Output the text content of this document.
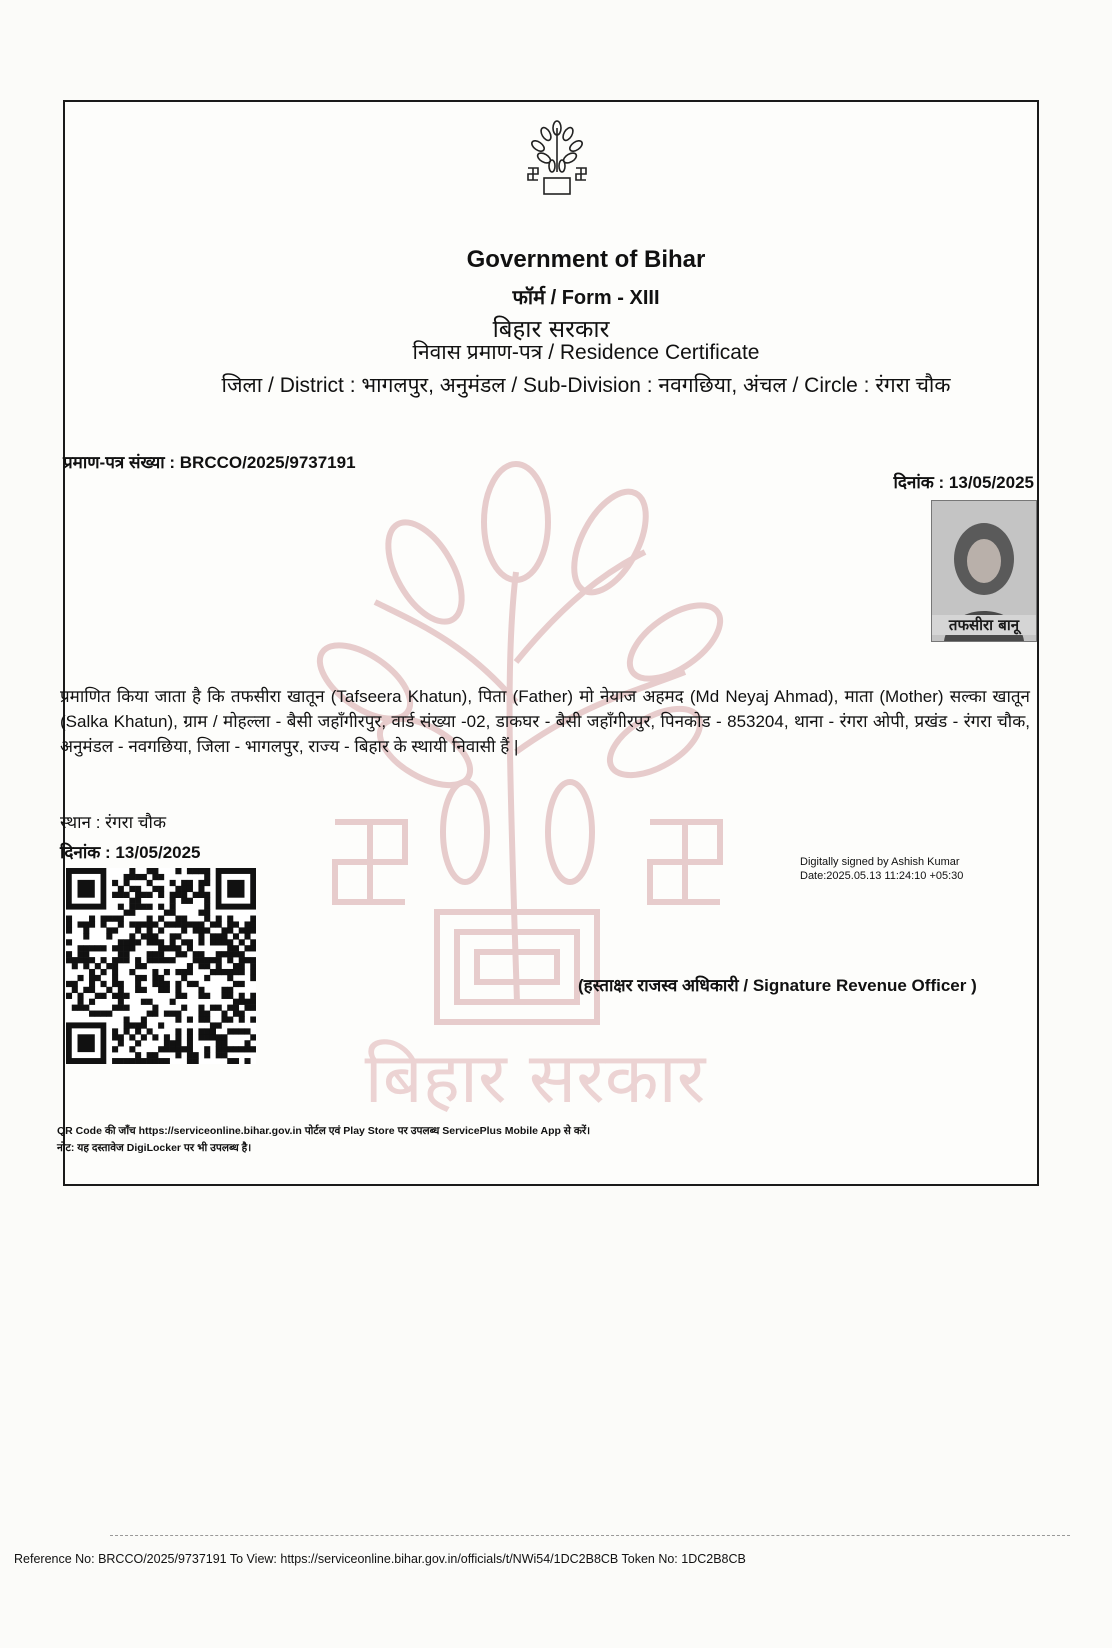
बिहार सरकार
बिहार सरकार
Government of Bihar
फॉर्म / Form - XIII
निवास प्रमाण-पत्र / Residence Certificate
जिला / District : भागलपुर, अनुमंडल / Sub-Division : नवगछिया, अंचल / Circle : रंगरा चौक
प्रमाण-पत्र संख्या : BRCCO/2025/9737191
दिनांक : 13/05/2025
तफसीरा बानू
प्रमाणित किया जाता है कि तफसीरा खातून (Tafseera Khatun), पिता (Father) मो नेयाज अहमद (Md Neyaj Ahmad), माता (Mother) सल्का खातून (Salka Khatun), ग्राम / मोहल्ला - बैसी जहाँगीरपुर, वार्ड संख्या -02, डाकघर - बैसी जहाँगीरपुर, पिनकोड - 853204, थाना - रंगरा ओपी, प्रखंड - रंगरा चौक, अनुमंडल - नवगछिया, जिला - भागलपुर, राज्य - बिहार के स्थायी निवासी हैं |
स्थान : रंगरा चौक
दिनांक : 13/05/2025	Digitally signed by Ashish Kumar
Date:2025.05.13 11:24:10 +05:30
(हस्ताक्षर राजस्व अधिकारी / Signature Revenue Officer )
QR Code की जाँच https://serviceonline.bihar.gov.in पोर्टल एवं Play Store पर उपलब्ध ServicePlus Mobile App से करें।
नोट: यह दस्तावेज DigiLocker पर भी उपलब्ध है।
Reference No: BRCCO/2025/9737191 To View: https://serviceonline.bihar.gov.in/officials/t/NWi54/1DC2B8CB Token No: 1DC2B8CB
